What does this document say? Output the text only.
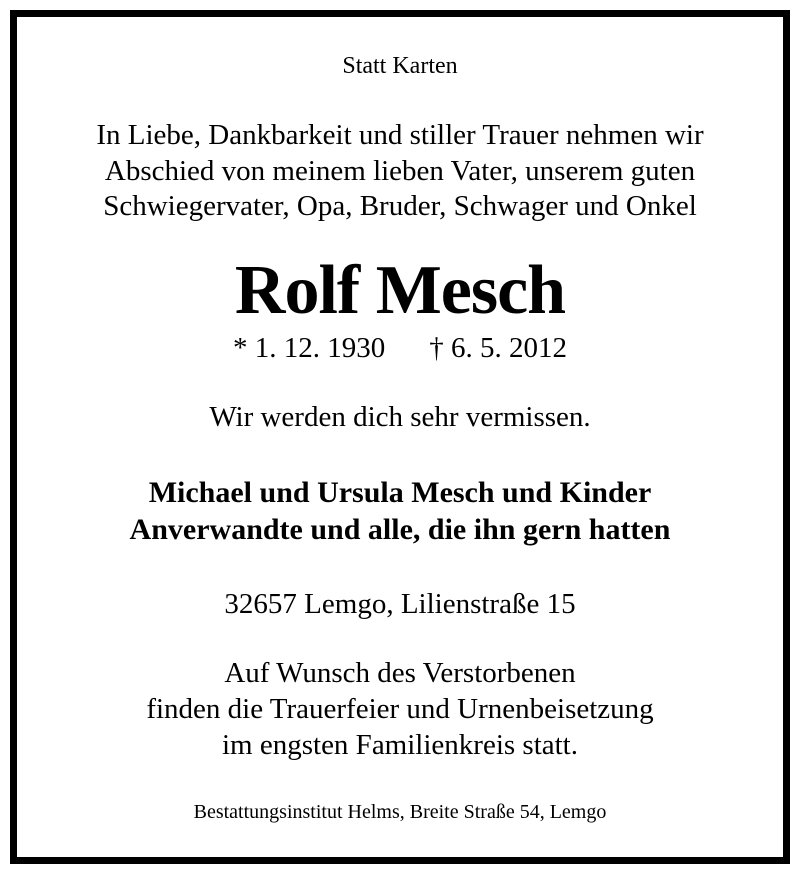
Statt Karten
In Liebe, Dankbarkeit und stiller Trauer nehmen wir
Abschied von meinem lieben Vater, unserem guten
Schwiegervater, Opa, Bruder, Schwager und Onkel
Rolf Mesch
* 1. 12. 1930 † 6. 5. 2012
Wir werden dich sehr vermissen.
Michael und Ursula Mesch und Kinder
Anverwandte und alle, die ihn gern hatten
32657 Lemgo, Lilienstraße 15
Auf Wunsch des Verstorbenen
finden die Trauerfeier und Urnenbeisetzung
im engsten Familienkreis statt.
Bestattungsinstitut Helms, Breite Straße 54, Lemgo
